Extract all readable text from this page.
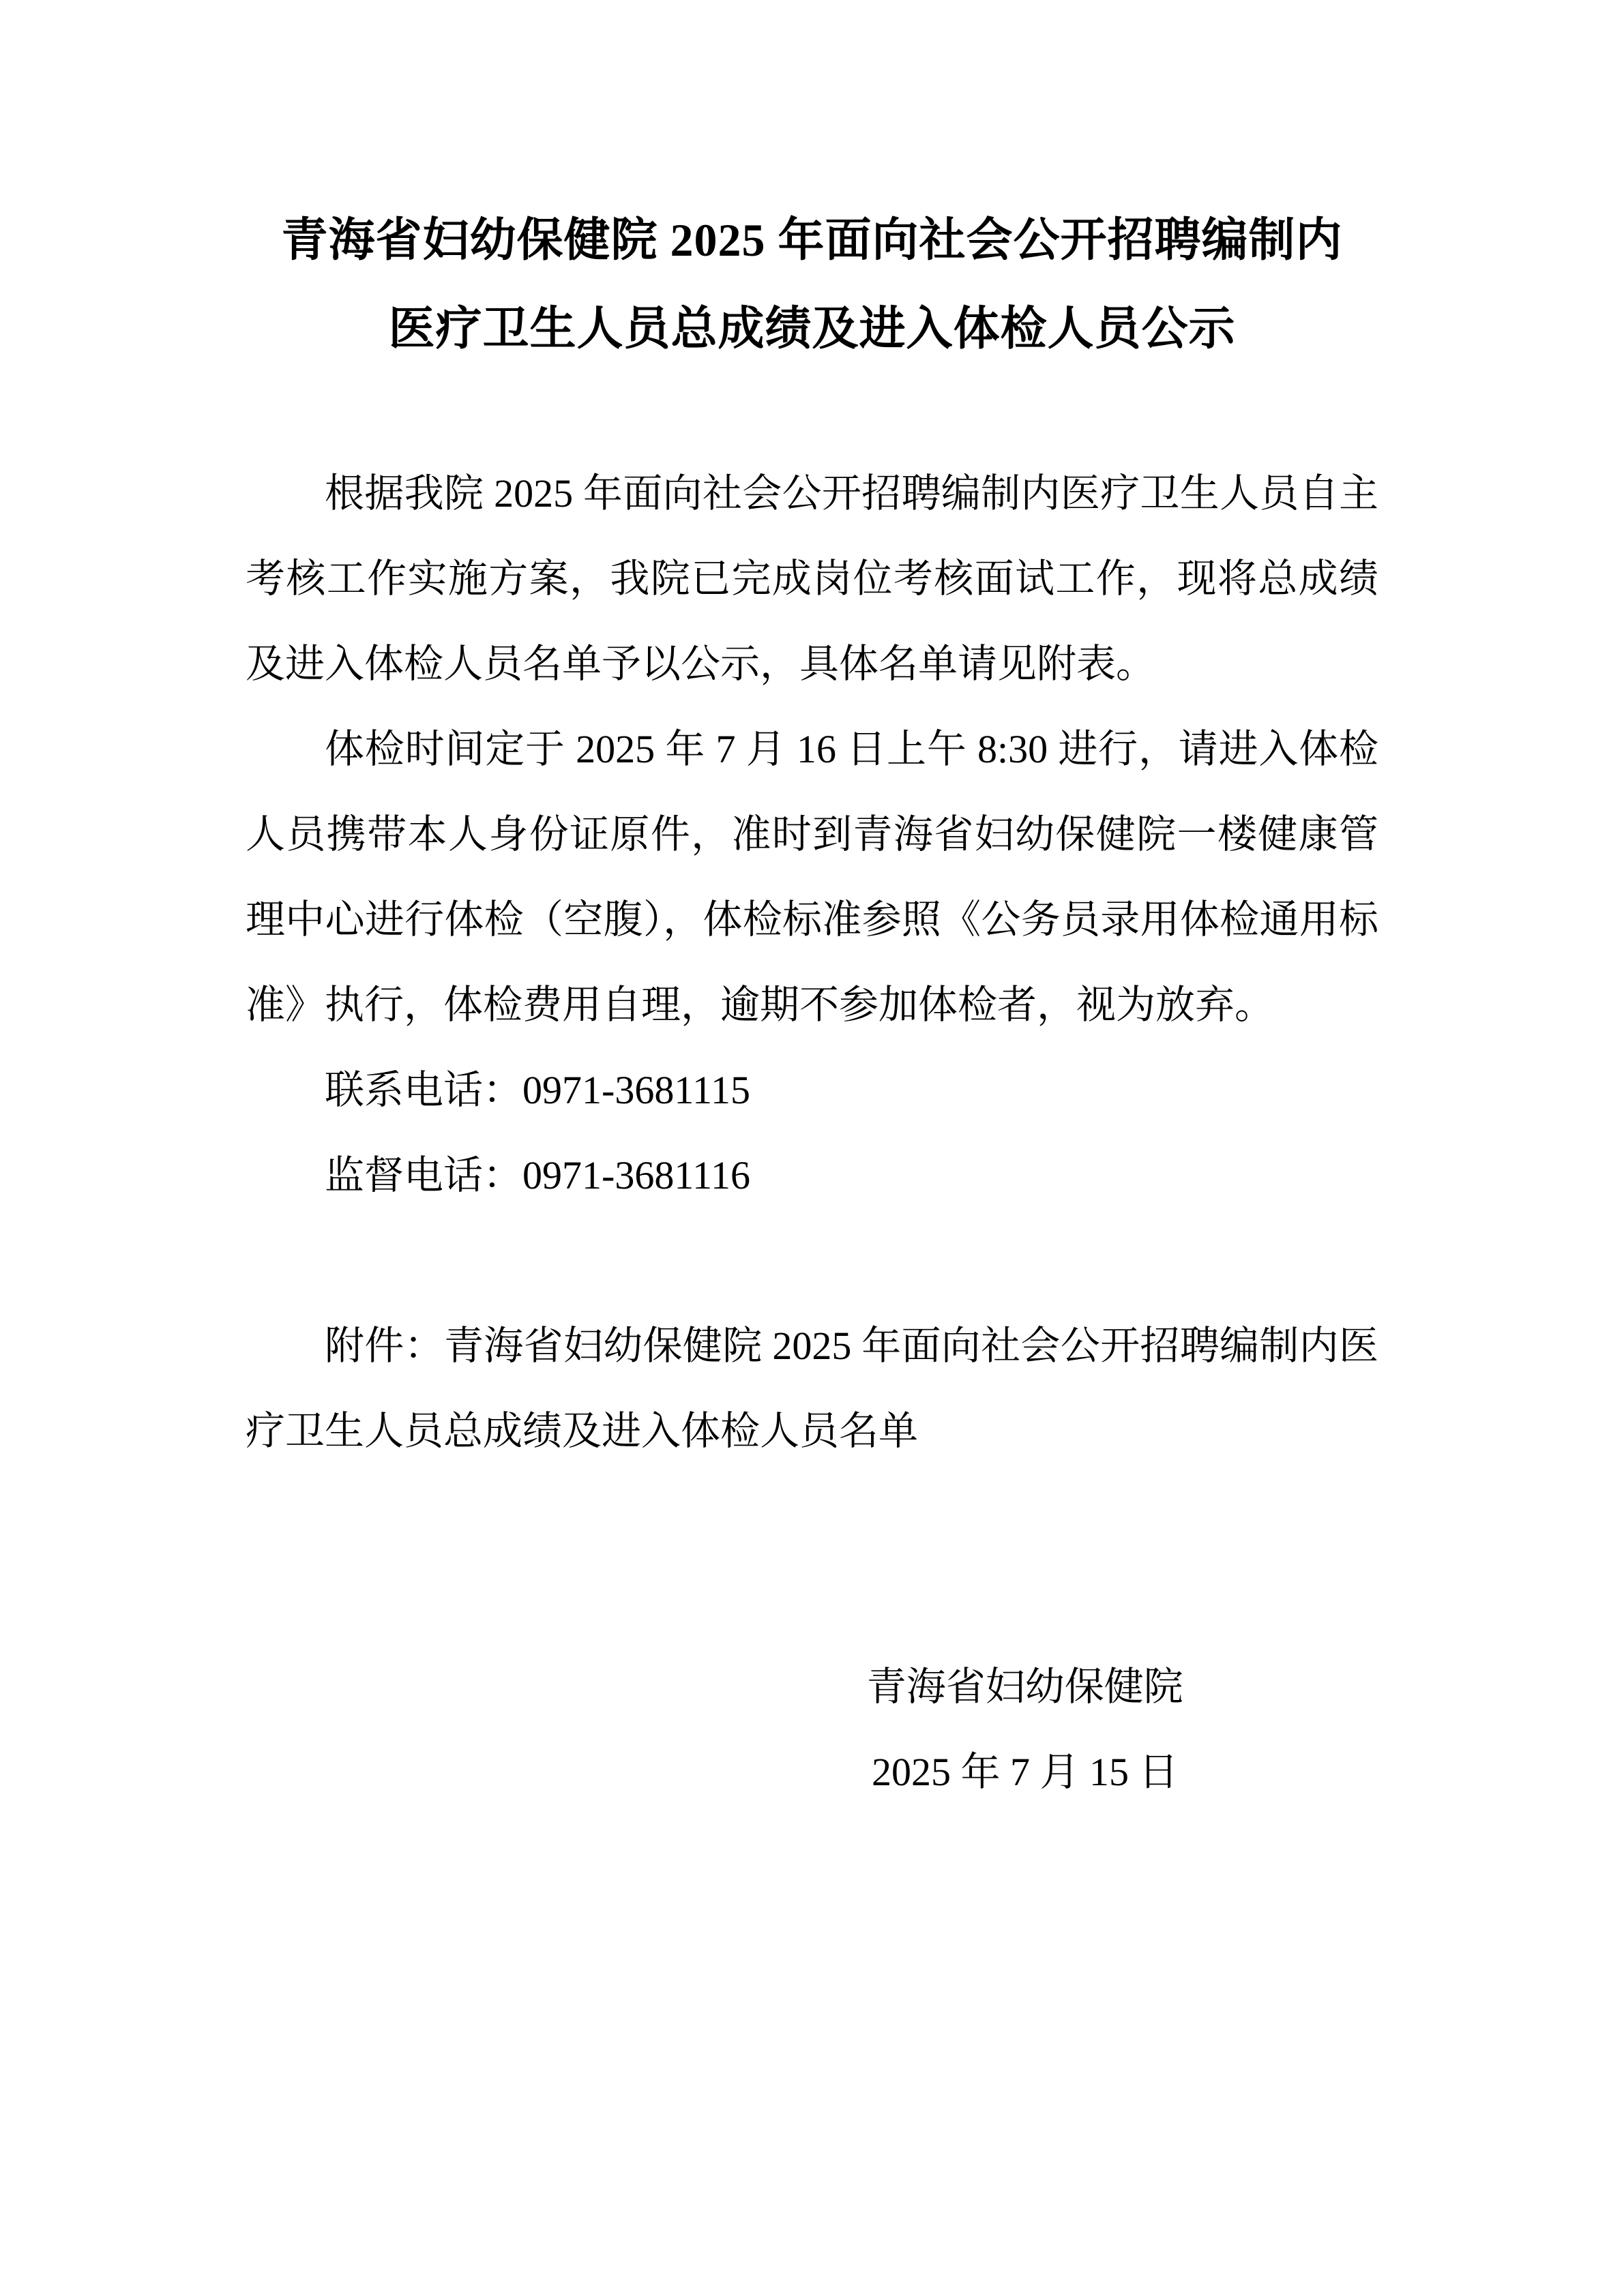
青海省妇幼保健院 2025 年面向社会公开招聘编制内
医疗卫生人员总成绩及进入体检人员公示

根据我院 2025 年面向社会公开招聘编制内医疗卫生人员自主考核工作实施方案，我院已完成岗位考核面试工作，现将总成绩及进入体检人员名单予以公示，具体名单请见附表。

体检时间定于 2025 年 7 月 16 日上午 8:30 进行，请进入体检人员携带本人身份证原件，准时到青海省妇幼保健院一楼健康管理中心进行体检（空腹），体检标准参照《公务员录用体检通用标准》执行，体检费用自理，逾期不参加体检者，视为放弃。

联系电话：0971-3681115

监督电话：0971-3681116

附件：青海省妇幼保健院 2025 年面向社会公开招聘编制内医疗卫生人员总成绩及进入体检人员名单

青海省妇幼保健院
2025 年 7 月 15 日
